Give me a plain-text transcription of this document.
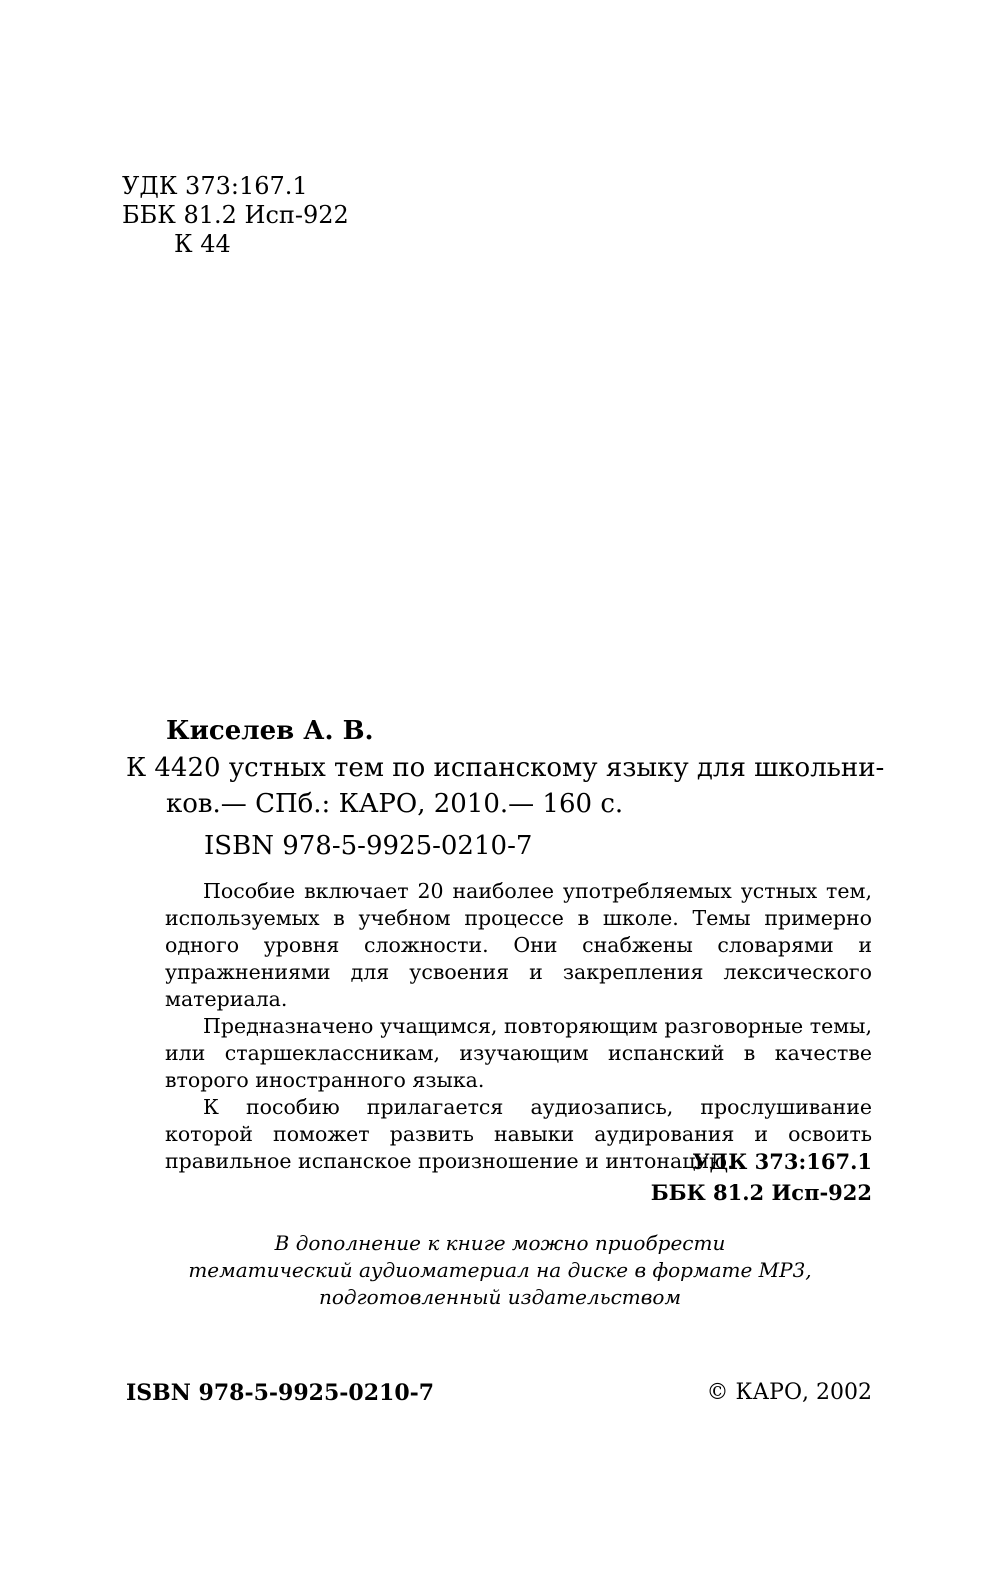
УДК 373:167.1
ББК 81.2 Исп-922
К 44
Киселев А. В.
К 44 20 устных тем по испанскому языку для школьни-
ков.— СПб.: КАРО, 2010.— 160 с.
ISBN 978-5-9925-0210-7

Пособие включает 20 наиболее употребляемых устных тем, используемых в учебном процессе в школе. Темы примерно одного уровня сложности. Они снабжены словарями и упражнениями для усвоения и закрепления лексического материала.

Предназначено учащимся, повторяющим разговорные темы, или старшеклассникам, изучающим испанский в качестве второго иностранного языка.

К пособию прилагается аудиозапись, прослушивание которой поможет развить навыки аудирования и освоить правильное испанское произношение и интонацию.

УДК 373:167.1
ББК 81.2 Исп-922
В дополнение к книге можно приобрести
тематический аудиоматериал на диске в формате МР3,
подготовленный издательством
ISBN 978-5-9925-0210-7	© КАРО, 2002
